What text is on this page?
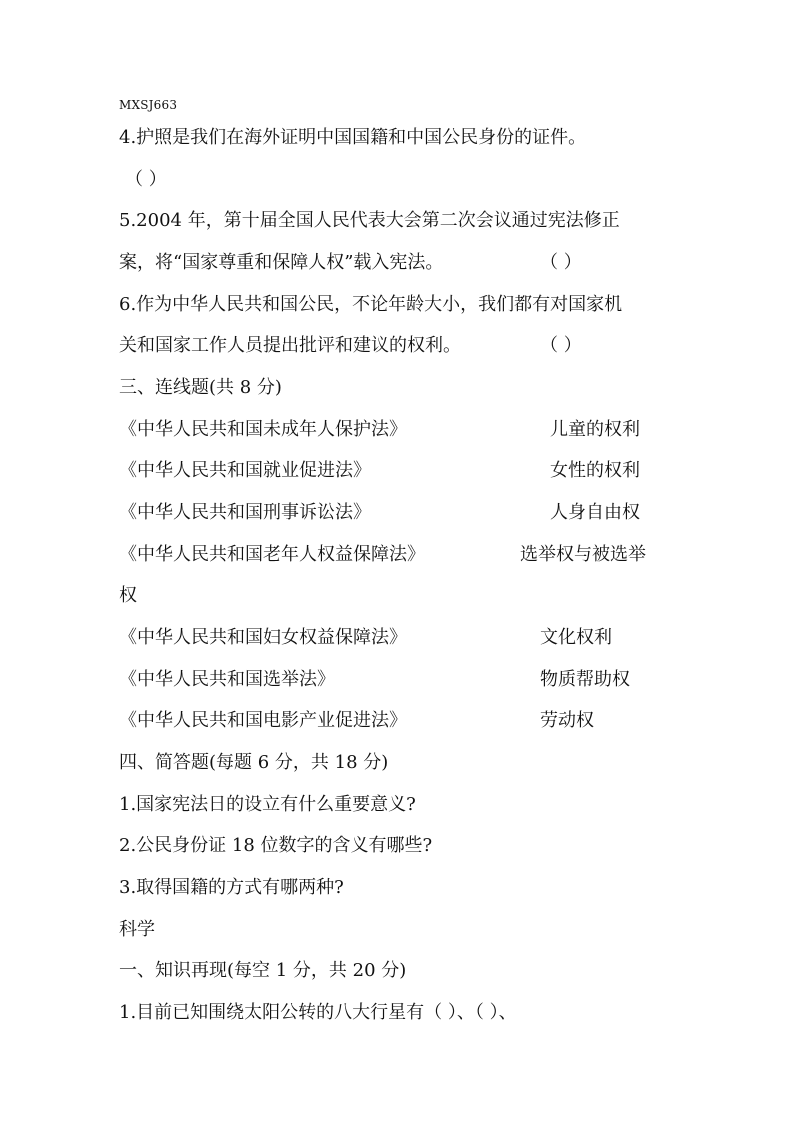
MXSJ663
4.护照是我们在海外证明中国国籍和中国公民身份的证件。
（ ）
5.2004 年，第十届全国人民代表大会第二次会议通过宪法修正
案，将“国家尊重和保障人权”载入宪法。	（ ）
6.作为中华人民共和国公民，不论年龄大小，我们都有对国家机
关和国家工作人员提出批评和建议的权利。	（ ）
三、连线题(共 8 分)
《中华人民共和国未成年人保护法》	儿童的权利
《中华人民共和国就业促进法》	女性的权利
《中华人民共和国刑事诉讼法》	人身自由权
《中华人民共和国老年人权益保障法》	选举权与被选举
权
《中华人民共和国妇女权益保障法》	文化权利
《中华人民共和国选举法》	物质帮助权
《中华人民共和国电影产业促进法》	劳动权
四、简答题(每题 6 分，共 18 分)
1.国家宪法日的设立有什么重要意义?
2.公民身份证 18 位数字的含义有哪些?
3.取得国籍的方式有哪两种?
科学
一、知识再现(每空 1 分，共 20 分)
1.目前已知围绕太阳公转的八大行星有（ ）、（ ）、
